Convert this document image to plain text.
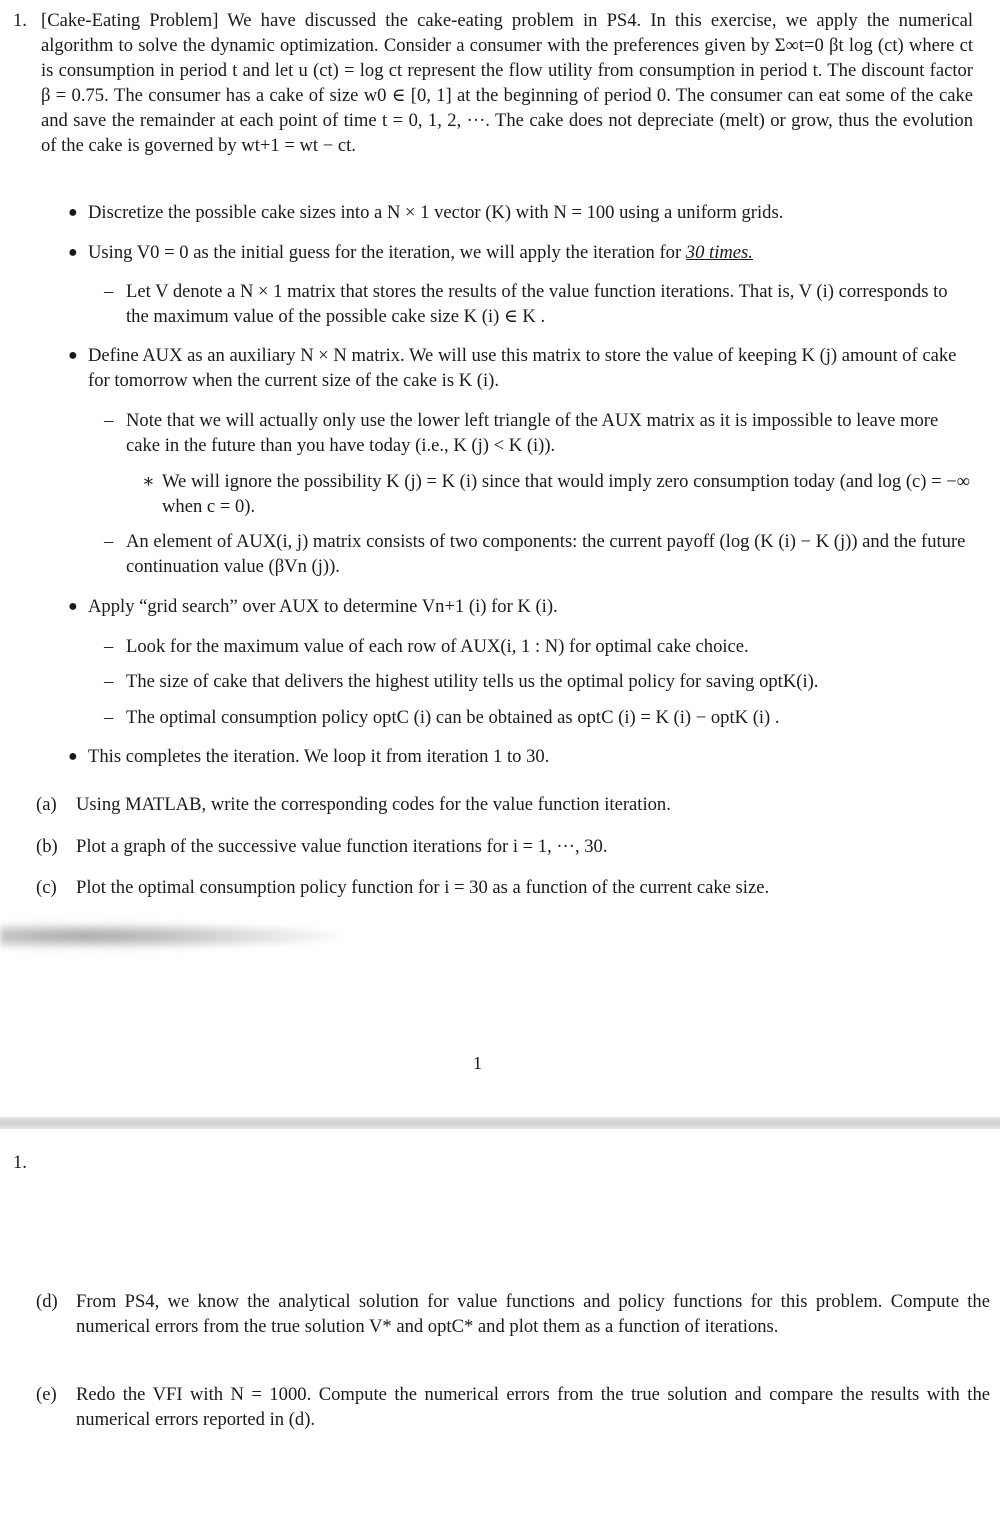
1. [Cake-Eating Problem] We have discussed the cake-eating problem in PS4. In this exercise, we apply the numerical algorithm to solve the dynamic optimization. Consider a consumer with the preferences given by Σ∞t=0 βt log (ct) where ct is consumption in period t and let u (ct) = log ct represent the flow utility from consumption in period t. The discount factor β = 0.75. The consumer has a cake of size w0 ∈ [0, 1] at the beginning of period 0. The consumer can eat some of the cake and save the remainder at each point of time t = 0, 1, 2, ···. The cake does not depreciate (melt) or grow, thus the evolution of the cake is governed by wt+1 = wt − ct.
● Discretize the possible cake sizes into a N × 1 vector (K) with N = 100 using a uniform grids.
● Using V0 = 0 as the initial guess for the iteration, we will apply the iteration for 30 times.
– Let V denote a N × 1 matrix that stores the results of the value function iterations. That is, V (i) corresponds to the maximum value of the possible cake size K (i) ∈ K .
● Define AUX as an auxiliary N × N matrix. We will use this matrix to store the value of keeping K (j) amount of cake for tomorrow when the current size of the cake is K (i).
– Note that we will actually only use the lower left triangle of the AUX matrix as it is impossible to leave more cake in the future than you have today (i.e., K (j) < K (i)).
∗ We will ignore the possibility K (j) = K (i) since that would imply zero consumption today (and log (c) = −∞ when c = 0).
– An element of AUX(i, j) matrix consists of two components: the current payoff (log (K (i) − K (j)) and the future continuation value (βVn (j)).
● Apply “grid search” over AUX to determine Vn+1 (i) for K (i).
– Look for the maximum value of each row of AUX(i, 1 : N) for optimal cake choice.
– The size of cake that delivers the highest utility tells us the optimal policy for saving optK(i).
– The optimal consumption policy optC (i) can be obtained as optC (i) = K (i) − optK (i) .
● This completes the iteration. We loop it from iteration 1 to 30.
(a) Using MATLAB, write the corresponding codes for the value function iteration.
(b) Plot a graph of the successive value function iterations for i = 1, ···, 30.
(c) Plot the optimal consumption policy function for i = 30 as a function of the current cake size.
1
1.
(d) From PS4, we know the analytical solution for value functions and policy functions for this problem. Compute the numerical errors from the true solution V* and optC* and plot them as a function of iterations.
(e) Redo the VFI with N = 1000. Compute the numerical errors from the true solution and compare the results with the numerical errors reported in (d).
